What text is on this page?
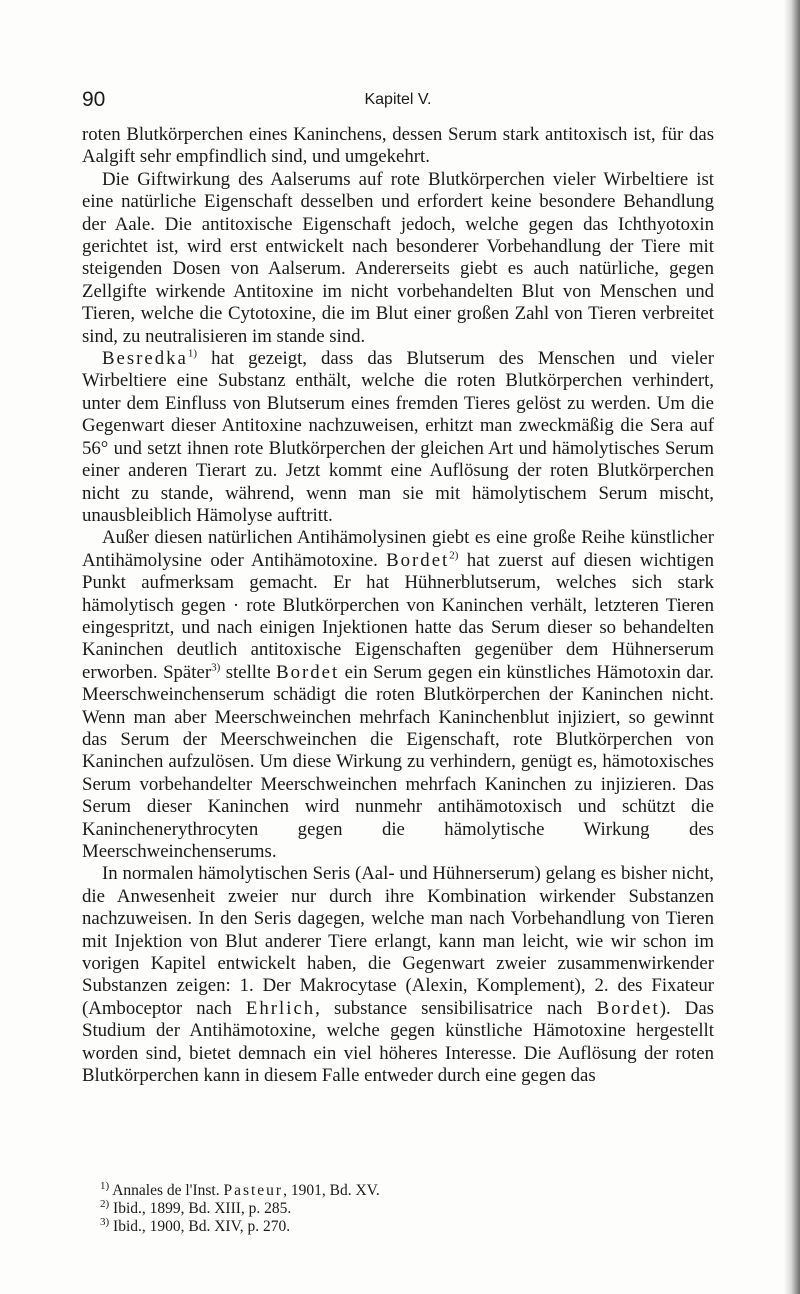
90	Kapitel V.

roten Blutkörperchen eines Kaninchens, dessen Serum stark antitoxisch ist, für das Aalgift sehr empfindlich sind, und umgekehrt.

Die Giftwirkung des Aalserums auf rote Blutkörperchen vieler Wirbeltiere ist eine natürliche Eigenschaft desselben und erfordert keine besondere Behandlung der Aale. Die antitoxische Eigenschaft jedoch, welche gegen das Ichthyotoxin gerichtet ist, wird erst entwickelt nach besonderer Vorbehandlung der Tiere mit steigenden Dosen von Aalserum. Andererseits giebt es auch natürliche, gegen Zellgifte wirkende Antitoxine im nicht vorbehandelten Blut von Menschen und Tieren, welche die Cytotoxine, die im Blut einer großen Zahl von Tieren verbreitet sind, zu neutralisieren im stande sind.

Besredka$^{1)}$ hat gezeigt, dass das Blutserum des Menschen und vieler Wirbeltiere eine Substanz enthält, welche die roten Blutkörperchen verhindert, unter dem Einfluss von Blutserum eines fremden Tieres gelöst zu werden. Um die Gegenwart dieser Antitoxine nachzuweisen, erhitzt man zweckmäßig die Sera auf 56° und setzt ihnen rote Blutkörperchen der gleichen Art und hämolytisches Serum einer anderen Tierart zu. Jetzt kommt eine Auflösung der roten Blutkörperchen nicht zu stande, während, wenn man sie mit hämolytischem Serum mischt, unausbleiblich Hämolyse auftritt.

Außer diesen natürlichen Antihämolysinen giebt es eine große Reihe künstlicher Antihämolysine oder Antihämotoxine. Bordet$^{2)}$ hat zuerst auf diesen wichtigen Punkt aufmerksam gemacht. Er hat Hühnerblutserum, welches sich stark hämolytisch gegen · rote Blutkörperchen von Kaninchen verhält, letzteren Tieren eingespritzt, und nach einigen Injektionen hatte das Serum dieser so behandelten Kaninchen deutlich antitoxische Eigenschaften gegenüber dem Hühnerserum erworben. Später$^{3)}$ stellte Bordet ein Serum gegen ein künstliches Hämotoxin dar. Meerschweinchenserum schädigt die roten Blutkörperchen der Kaninchen nicht. Wenn man aber Meerschweinchen mehrfach Kaninchenblut injiziert, so gewinnt das Serum der Meerschweinchen die Eigenschaft, rote Blutkörperchen von Kaninchen aufzulösen. Um diese Wirkung zu verhindern, genügt es, hämotoxisches Serum vorbehandelter Meerschweinchen mehrfach Kaninchen zu injizieren. Das Serum dieser Kaninchen wird nunmehr antihämotoxisch und schützt die Kaninchenerythrocyten gegen die hämolytische Wirkung des Meerschweinchenserums.

In normalen hämolytischen Seris (Aal- und Hühnerserum) gelang es bisher nicht, die Anwesenheit zweier nur durch ihre Kombination wirkender Substanzen nachzuweisen. In den Seris dagegen, welche man nach Vorbehandlung von Tieren mit Injektion von Blut anderer Tiere erlangt, kann man leicht, wie wir schon im vorigen Kapitel entwickelt haben, die Gegenwart zweier zusammenwirkender Substanzen zeigen: 1. Der Makrocytase (Alexin, Komplement), 2. des Fixateur (Amboceptor nach Ehrlich, substance sensibilisatrice nach Bordet). Das Studium der Antihämotoxine, welche gegen künstliche Hämotoxine hergestellt worden sind, bietet demnach ein viel höheres Interesse. Die Auflösung der roten Blutkörperchen kann in diesem Falle entweder durch eine gegen das

$^{1)}$ Annales de l'Inst. Pasteur, 1901, Bd. XV.

$^{2)}$ Ibid., 1899, Bd. XIII, p. 285.

$^{3)}$ Ibid., 1900, Bd. XIV, p. 270.
